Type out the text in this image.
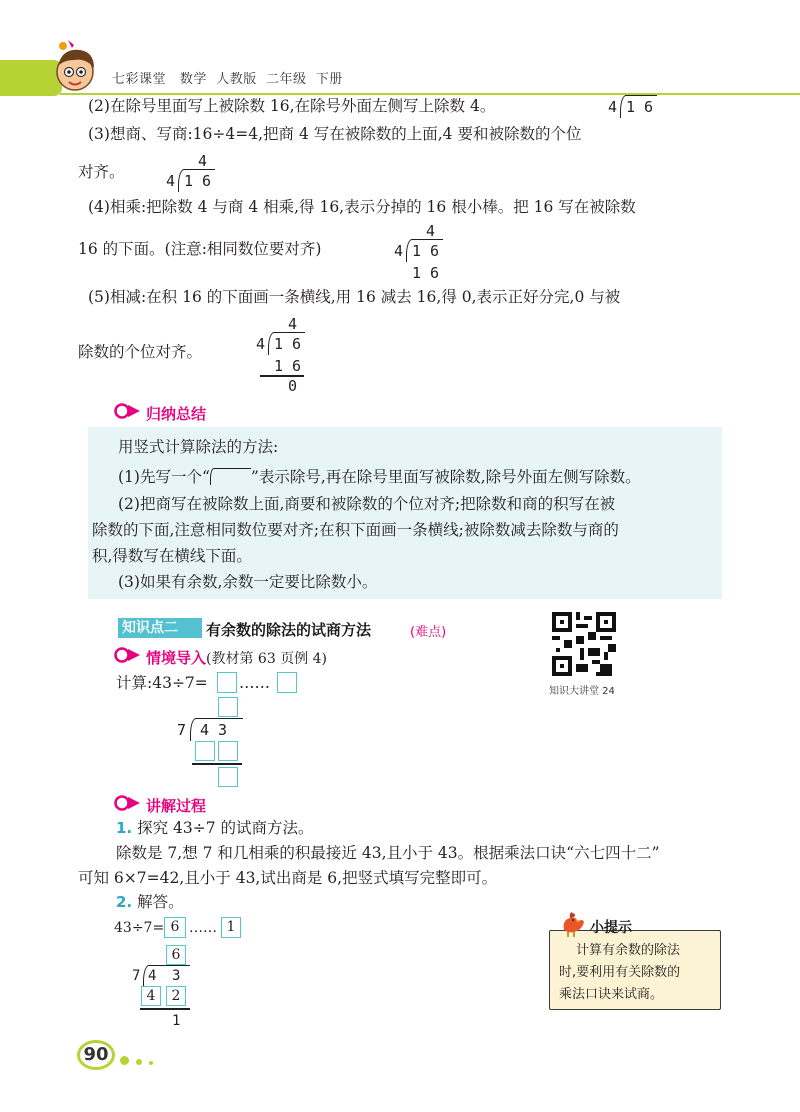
七彩课堂 数学 人教版 二年级 下册
(2)在除号里面写上被除数 16,在除号外面左侧写上除数 4。	4 1 6
(3)想商、写商:16÷4=4,把商 4 写在被除数的上面,4 要和被除数的个位
对齐。
4
4 1 6
(4)相乘:把除数 4 与商 4 相乘,得 16,表示分掉的 16 根小棒。把 16 写在被除数
16 的下面。(注意:相同数位要对齐)
4
4 1 6
1 6
(5)相减:在积 16 的下面画一条横线,用 16 减去 16,得 0,表示正好分完,0 与被
除数的个位对齐。
4
4 1 6
1 6
0
归纳总结
用竖式计算除法的方法:
(1)先写一个“	”表示除号,再在除号里面写被除数,除号外面左侧写除数。
(2)把商写在被除数上面,商要和被除数的个位对齐;把除数和商的积写在被
除数的下面,注意相同数位要对齐;在积下面画一条横线;被除数减去除数与商的
积,得数写在横线下面。
(3)如果有余数,余数一定要比除数小。
知识点二	有余数的除法的试商方法	(难点)
知识大讲堂 24
情境导入(教材第 63 页例 4)
计算:43÷7= ……
7 4 3
讲解过程
1. 探究 43÷7 的试商方法。
除数是 7,想 7 和几相乘的积最接近 43,且小于 43。根据乘法口诀“六七四十二”
可知 6×7=42,且小于 43,试出商是 6,把竖式填写完整即可。
2. 解答。
43÷7= 6 …… 1
6
7 4 3
4	2
1
小提示
计算有余数的除法
时,要利用有关除数的
乘法口诀来试商。
90
